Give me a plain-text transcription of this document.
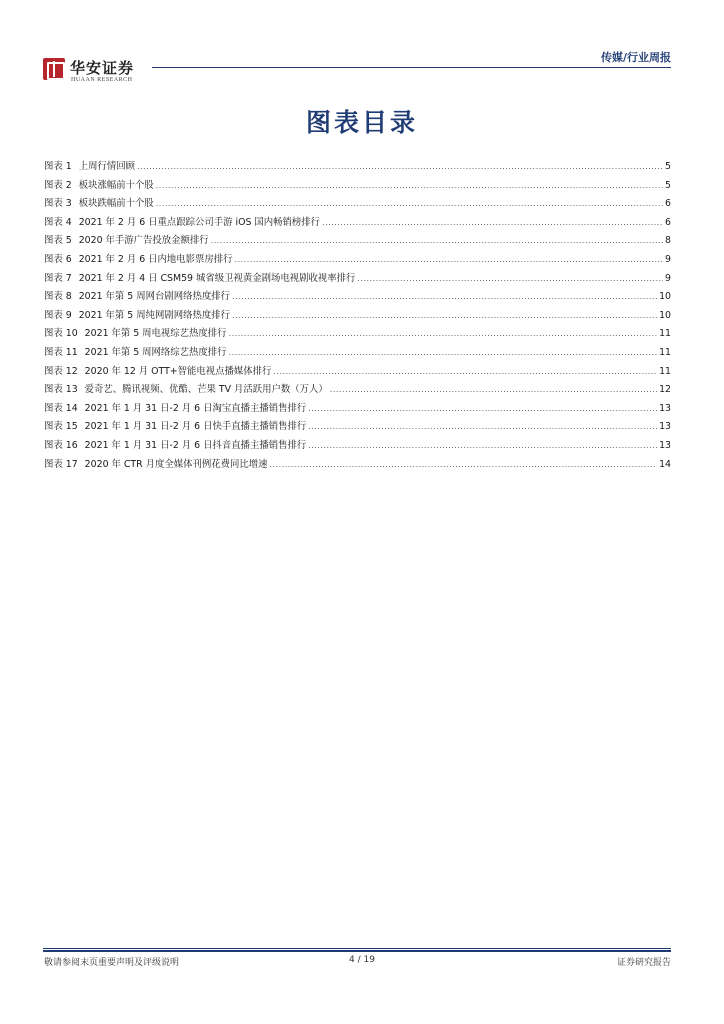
华安证券
HUAAN RESEARCH
传媒/行业周报
图表目录
图表 1 上周行情回顾 .....	5
图表 2 板块涨幅前十个股 .....	5
图表 3 板块跌幅前十个股 .....	6
图表 4 2021 年 2 月 6 日重点跟踪公司手游 iOS 国内畅销榜排行 .....	6
图表 5 2020 年手游广告投放金额排行 .....	8
图表 6 2021 年 2 月 6 日内地电影票房排行 .....	9
图表 7 2021 年 2 月 4 日 CSM59 城省级卫视黄金剧场电视剧收视率排行 .....	9
图表 8 2021 年第 5 周网台剧网络热度排行 .....	10
图表 9 2021 年第 5 周纯网剧网络热度排行 .....	10
图表 10 2021 年第 5 周电视综艺热度排行 .....	11
图表 11 2021 年第 5 周网络综艺热度排行 .....	11
图表 12 2020 年 12 月 OTT+智能电视点播媒体排行 .....	11
图表 13 爱奇艺、腾讯视频、优酷、芒果 TV 月活跃用户数（万人） .....	12
图表 14 2021 年 1 月 31 日-2 月 6 日淘宝直播主播销售排行 .....	13
图表 15 2021 年 1 月 31 日-2 月 6 日快手直播主播销售排行 .....	13
图表 16 2021 年 1 月 31 日-2 月 6 日抖音直播主播销售排行 .....	13
图表 17 2020 年 CTR 月度全媒体刊例花费同比增速 .....	14
敬请参阅末页重要声明及评级说明	4 / 19	证券研究报告
